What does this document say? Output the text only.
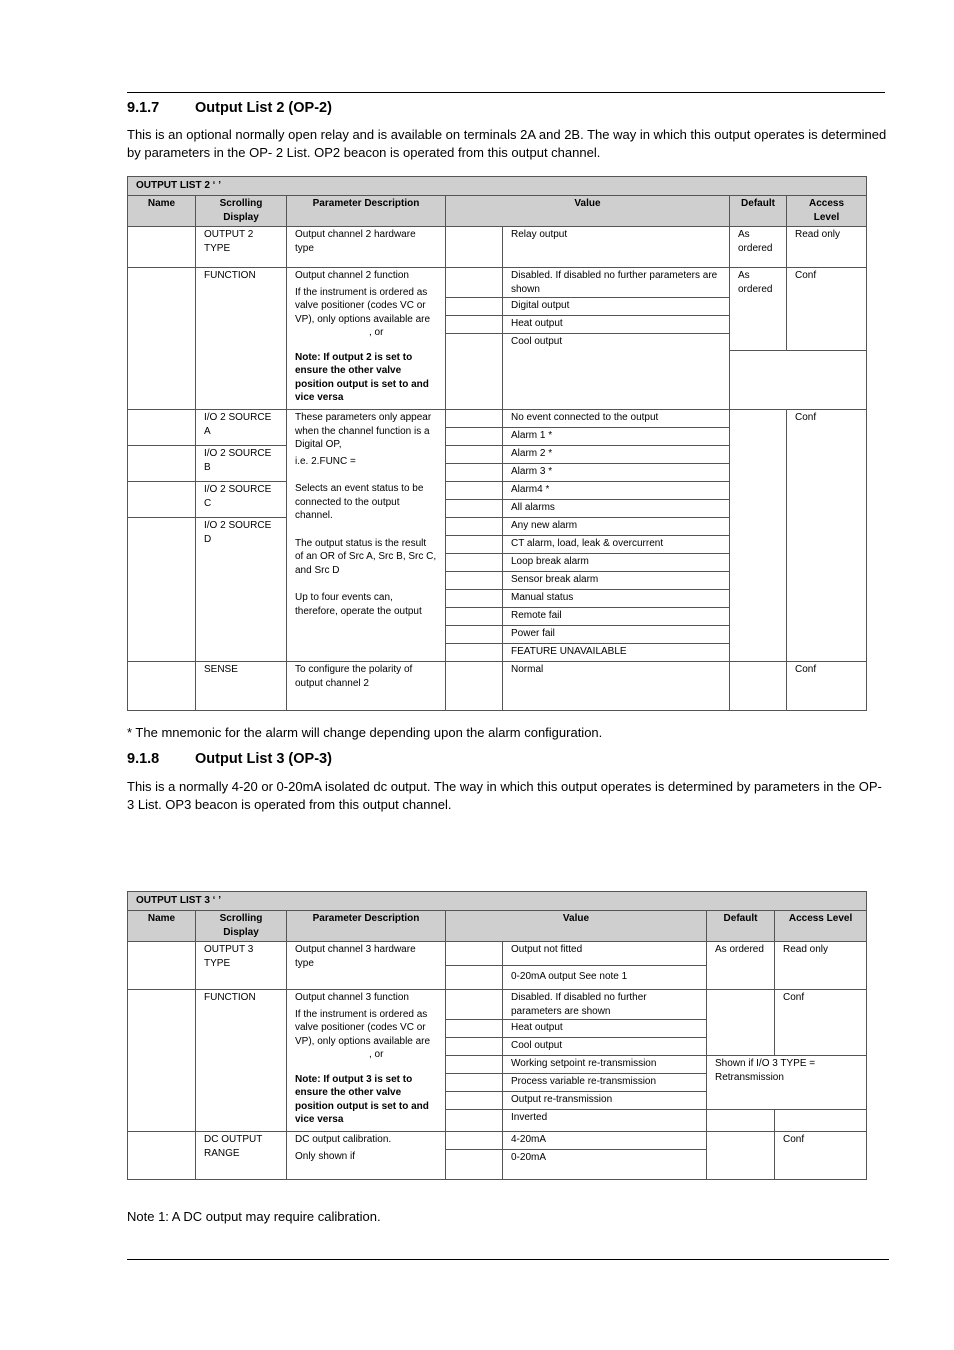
9.1.7 Output List 2 (OP-2)
This is an optional normally open relay and is available on terminals 2A and 2B. The way in which this output operates is determined by parameters in the OP- 2 List. OP2 beacon is operated from this output channel.
OUTPUT LIST 2 ‘ ’						
Name	Scrolling Display	Parameter Description	Value		Default	Access Level
	OUTPUT 2 TYPE	Output channel 2 hardware type		Relay output	As ordered	Read only
	FUNCTION	Output channel 2 function
If the instrument is ordered as valve positioner (codes VC or VP), only options available are
, or
Note: If output 2 is set to ensure the other valve position output is set to and vice versa		Disabled. If disabled no further parameters are shown	As ordered	Conf
				Digital output		
				Heat output		
				Cool output		

	I/O 2 SOURCE A	These parameters only appear when the channel function is a Digital OP,
i.e. 2.FUNC =
Selects an event status to be connected to the output channel.
The output status is the result of an OR of Src A, Src B, Src C, and Src D
Up to four events can, therefore, operate the output		No event connected to the output		Conf
				Alarm 1 *		
	I/O 2 SOURCE B			Alarm 2 *		
				Alarm 3 *		
	I/O 2 SOURCE C			Alarm4 *		
				All alarms		
	I/O 2 SOURCE D			Any new alarm		
				CT alarm, load, leak & overcurrent		
				Loop break alarm		
				Sensor break alarm		
				Manual status		
				Remote fail		
				Power fail		
				FEATURE UNAVAILABLE		
	SENSE	To configure the polarity of output channel 2		Normal		Conf
* The mnemonic for the alarm will change depending upon the alarm configuration.
9.1.8 Output List 3 (OP-3)
This is a normally 4-20 or 0-20mA isolated dc output. The way in which this output operates is determined by parameters in the OP- 3 List. OP3 beacon is operated from this output channel.
OUTPUT LIST 3 ‘ ’						
Name	Scrolling Display	Parameter Description	Value		Default	Access Level
	OUTPUT 3 TYPE	Output channel 3 hardware type		Output not fitted	As ordered	Read only
				0-20mA output See note 1		
	FUNCTION	Output channel 3 function
If the instrument is ordered as valve positioner (codes VC or VP), only options available are
, or
Note: If output 3 is set to ensure the other valve position output is set to and vice versa		Disabled. If disabled no further parameters are shown		Conf
				Heat output		
				Cool output		
				Working setpoint re-transmission	Shown if I/O 3 TYPE = Retransmission	
				Process variable re-transmission		
				Output re-transmission		
				Inverted		
	DC OUTPUT RANGE	DC output calibration.
Only shown if		4-20mA		Conf
				0-20mA		
Note 1: A DC output may require calibration.
